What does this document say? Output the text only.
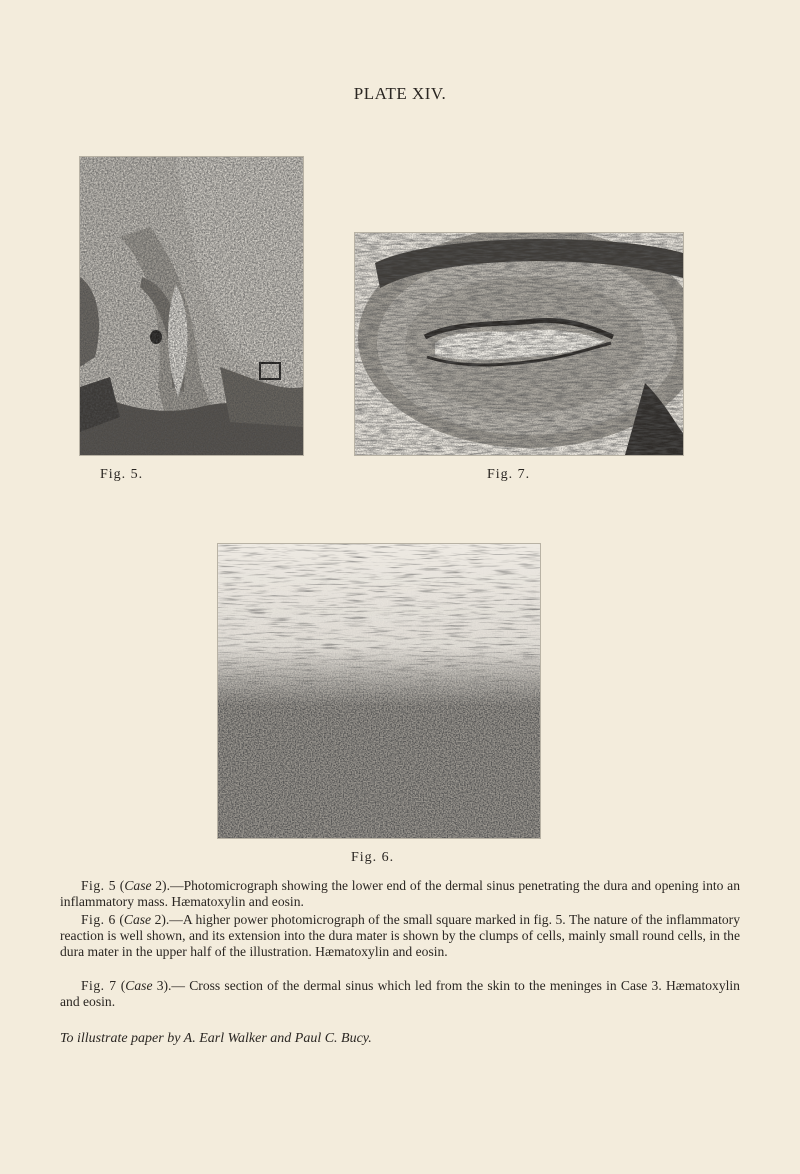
PLATE XIV.
Fig. 5.	Fig. 7.
Fig. 6.

Fig. 5 (Case 2).—Photomicrograph showing the lower end of the dermal sinus penetrating the dura and opening into an inflammatory mass. Hæmatoxylin and eosin.

Fig. 6 (Case 2).—A higher power photomicrograph of the small square marked in fig. 5. The nature of the inflammatory reaction is well shown, and its extension into the dura mater is shown by the clumps of cells, mainly small round cells, in the dura mater in the upper half of the illustration. Hæmatoxylin and eosin.

Fig. 7 (Case 3).— Cross section of the dermal sinus which led from the skin to the meninges in Case 3. Hæmatoxylin and eosin.

To illustrate paper by A. Earl Walker and Paul C. Bucy.
